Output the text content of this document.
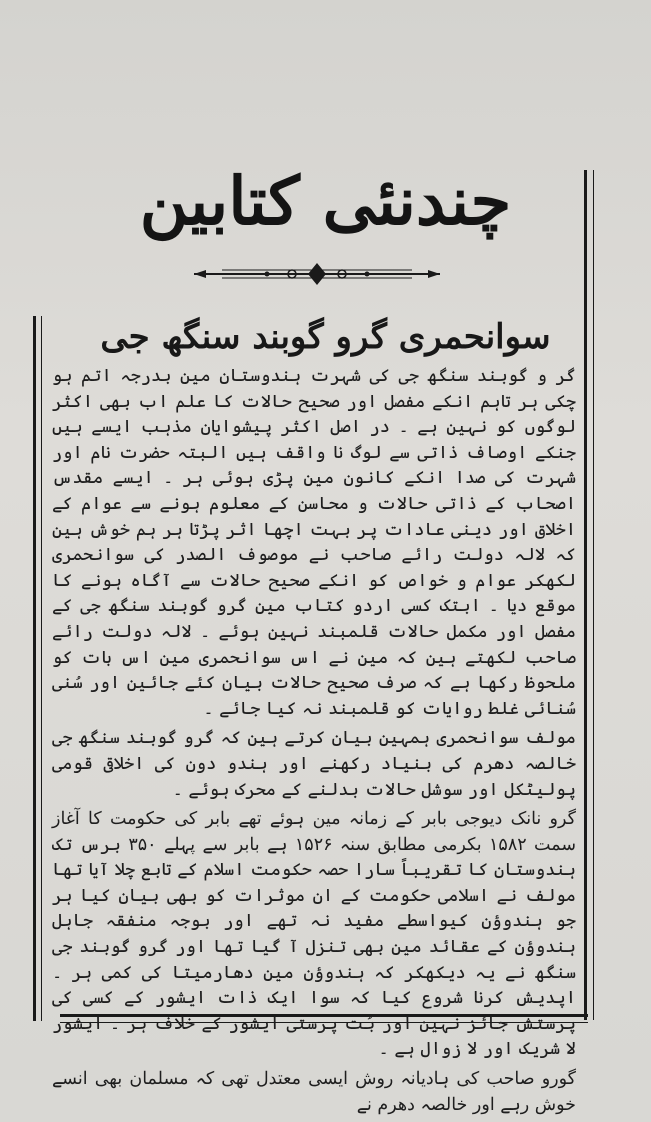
چندنئی کتابین
سوانحمری گرو گوبند سنگھ جی

گر و گوبند سنگھ جی کی شہرت ہندوستان مین بدرجہ اتم ہو چکی ہر تاہم انکے مفصل اور صحیح حالات کا علم اب بھی اکثر لوگوں کو نہین ہے ۔ در اصل اکثر پیشوایان مذہب ایسے ہیں جنکے اوصاف ذاتی سے لوگ نا واقف ہیں البتہ حضرت نام اور شہرت کی صدا انکے کانون مین پڑی ہوئی ہر ۔ ایسے مقدس اصحاب کے ذاتی حالات و محاسن کے معلوم ہونے سے عوام کے اخلاق اور دینی عادات پر بہت اچھا اثر پڑتا ہر ہم خوش ہین کہ لالہ دولت رائے صاحب نے موصوف الصدر کی سوانحمری لکھکر عوام و خواص کو انکے صحیح حالات سے آگاہ ہونے کا موقع دیا ۔ ابتک کسی اردو کتاب مین گرو گوبند سنگھ جی کے مفصل اور مکمل حالات قلمبند نہین ہوئے ۔ لالہ دولت رائے صاحب لکھتے ہین کہ مین نے اس سوانحمری مین اس بات کو ملحوظ رکھا ہے کہ صرف صحیح حالات بیان کئے جائین اور سُنی سُنائی غلط روایات کو قلمبند نہ کیا جائے ۔

مولف سوانحمری ہمہین بیان کرتے ہین کہ گرو گوبند سنگھ جی خالصہ دھرم کی بنیاد رکھنے اور ہندو دون کی اخلاقی قومی پولیٹکل اور سوشل حالات بدلنے کے محرک ہوئے ۔

گرو نانک دیوجی بابر کے زمانہ مین ہوئے تھے بابر کی حکومت کا آغاز سمت ۱۵۸۲ بکرمی مطابق سنہ ۱۵۲۶ ہے بابر سے پہلے ۳۵۰ برس تک ہندوستان کا تقریباً سارا حصہ حکومت اسلام کے تابع چلا آیا تھا مولف نے اسلامی حکومت کے ان موثرات کو بھی بیان کیا ہر جو ہندوؤن کیواسطے مفید نہ تھے اور بوجہ منفقہ جاہل ہندوؤن کے عقائد مین بھی تنزل آ گیا تھا اور گرو گوبند جی سنگھ نے یہ دیکھکر کہ ہندوؤن مین دھارمیتا کی کمی ہر ۔ اپدیش کرنا شروع کیا کہ سوا ایک ذات ایشور کے کسی کی پرستش جائز نہین اور بُت پرستی ایشور کے خلاف ہر ۔ ایشور لا شریک اور لا زوال ہے ۔

گورو صاحب کی ہادیانہ روش ایسی معتدل تھی کہ مسلمان بھی انسے خوش رہے اور خالصہ دھرم نے
